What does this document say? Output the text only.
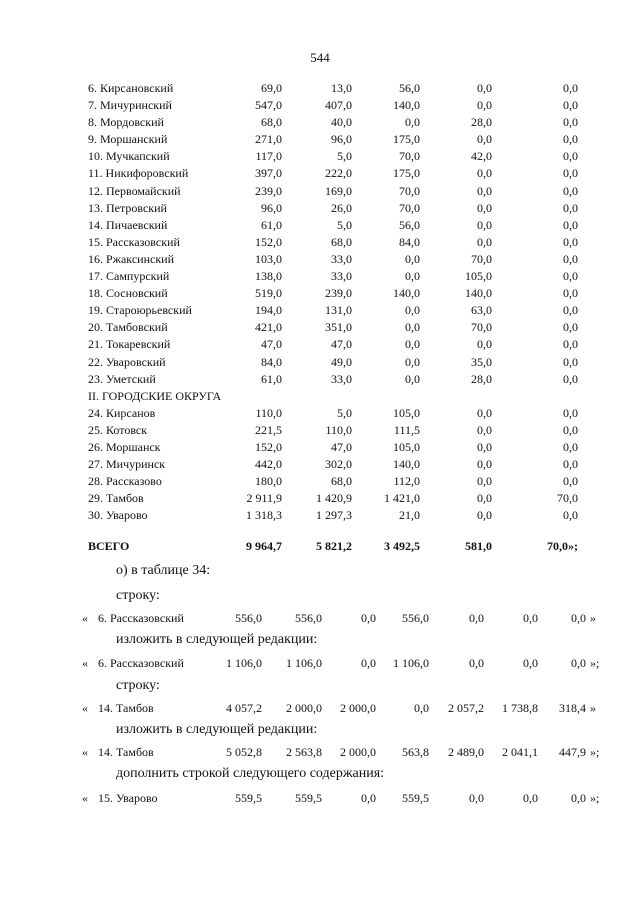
544
6. Кирсановский	69,0	13,0	56,0	0,0	0,0
7. Мичуринский	547,0	407,0	140,0	0,0	0,0
8. Мордовский	68,0	40,0	0,0	28,0	0,0
9. Моршанский	271,0	96,0	175,0	0,0	0,0
10. Мучкапский	117,0	5,0	70,0	42,0	0,0
11. Никифоровский	397,0	222,0	175,0	0,0	0,0
12. Первомайский	239,0	169,0	70,0	0,0	0,0
13. Петровский	96,0	26,0	70,0	0,0	0,0
14. Пичаевский	61,0	5,0	56,0	0,0	0,0
15. Рассказовский	152,0	68,0	84,0	0,0	0,0
16. Ржаксинский	103,0	33,0	0,0	70,0	0,0
17. Сампурский	138,0	33,0	0,0	105,0	0,0
18. Сосновский	519,0	239,0	140,0	140,0	0,0
19. Староюрьевский	194,0	131,0	0,0	63,0	0,0
20. Тамбовский	421,0	351,0	0,0	70,0	0,0
21. Токаревский	47,0	47,0	0,0	0,0	0,0
22. Уваровский	84,0	49,0	0,0	35,0	0,0
23. Уметский	61,0	33,0	0,0	28,0	0,0
II. ГОРОДСКИЕ ОКРУГА					
24. Кирсанов	110,0	5,0	105,0	0,0	0,0
25. Котовск	221,5	110,0	111,5	0,0	0,0
26. Моршанск	152,0	47,0	105,0	0,0	0,0
27. Мичуринск	442,0	302,0	140,0	0,0	0,0
28. Рассказово	180,0	68,0	112,0	0,0	0,0
29. Тамбов	2 911,9	1 420,9	1 421,0	0,0	70,0
30. Уварово	1 318,3	1 297,3	21,0	0,0	0,0
ВСЕГО	9 964,7	5 821,2	3 492,5	581,0	70,0»;
о) в таблице 34:
строку:
« 6. Рассказовский	556,0	556,0	0,0	556,0	0,0	0,0	0,0 »
изложить в следующей редакции:
« 6. Рассказовский	1 106,0	1 106,0	0,0	1 106,0	0,0	0,0	0,0 »;
строку:
« 14. Тамбов	4 057,2	2 000,0	2 000,0	0,0	2 057,2	1 738,8	318,4 »
изложить в следующей редакции:
« 14. Тамбов	5 052,8	2 563,8	2 000,0	563,8	2 489,0	2 041,1	447,9 »;
дополнить строкой следующего содержания:
« 15. Уварово	559,5	559,5	0,0	559,5	0,0	0,0	0,0 »;
